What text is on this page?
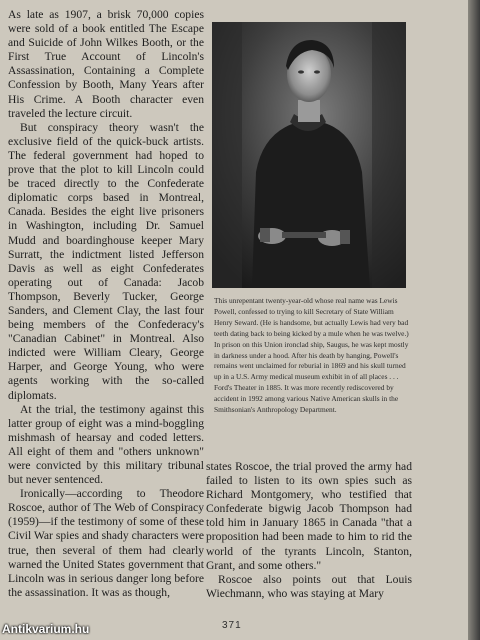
As late as 1907, a brisk 70,000 copies were sold of a book entitled The Escape and Suicide of John Wilkes Booth, or the First True Account of Lincoln's Assassination, Containing a Complete Confession by Booth, Many Years after His Crime. A Booth character even traveled the lecture circuit.

But conspiracy theory wasn't the exclusive field of the quick-buck artists. The federal government had hoped to prove that the plot to kill Lincoln could be traced directly to the Confederate diplomatic corps based in Montreal, Canada. Besides the eight live prisoners in Washington, including Dr. Samuel Mudd and boardinghouse keeper Mary Surratt, the indictment listed Jefferson Davis as well as eight Confederates operating out of Canada: Jacob Thompson, Beverly Tucker, George Sanders, and Clement Clay, the last four being members of the Confederacy's "Canadian Cabinet" in Montreal. Also indicted were William Cleary, George Harper, and George Young, who were agents working with the so-called diplomats.

At the trial, the testimony against this latter group of eight was a mind-boggling mishmash of hearsay and coded letters. All eight of them and "others unknown" were convicted by this military tribunal but never sentenced.

Ironically—according to Theodore Roscoe, author of The Web of Conspiracy (1959)—if the testimony of some of these Civil War spies and shady characters were true, then several of them had clearly warned the United States government that Lincoln was in serious danger long before the assassination. It was as though,

This unrepentant twenty-year-old whose real name was Lewis Powell, confessed to trying to kill Secretary of State William Henry Seward. (He is handsome, but actually Lewis had very bad teeth dating back to being kicked by a mule when he was twelve.) In prison on this Union ironclad ship, Saugus, he was kept mostly in darkness under a hood. After his death by hanging, Powell's remains went unclaimed for reburial in 1869 and his skull turned up in a U.S. Army medical museum exhibit in of all places . . . Ford's Theater in 1885. It was more recently rediscovered by accident in 1992 among various Native American skulls in the Smithsonian's Anthropology Department.

states Roscoe, the trial proved the army had failed to listen to its own spies such as Richard Montgomery, who testified that Confederate bigwig Jacob Thompson had told him in January 1865 in Canada "that a proposition had been made to him to rid the world of the tyrants Lincoln, Stanton, Grant, and some others."

Roscoe also points out that Louis Wiechmann, who was staying at Mary

371
Antikvarium.hu
